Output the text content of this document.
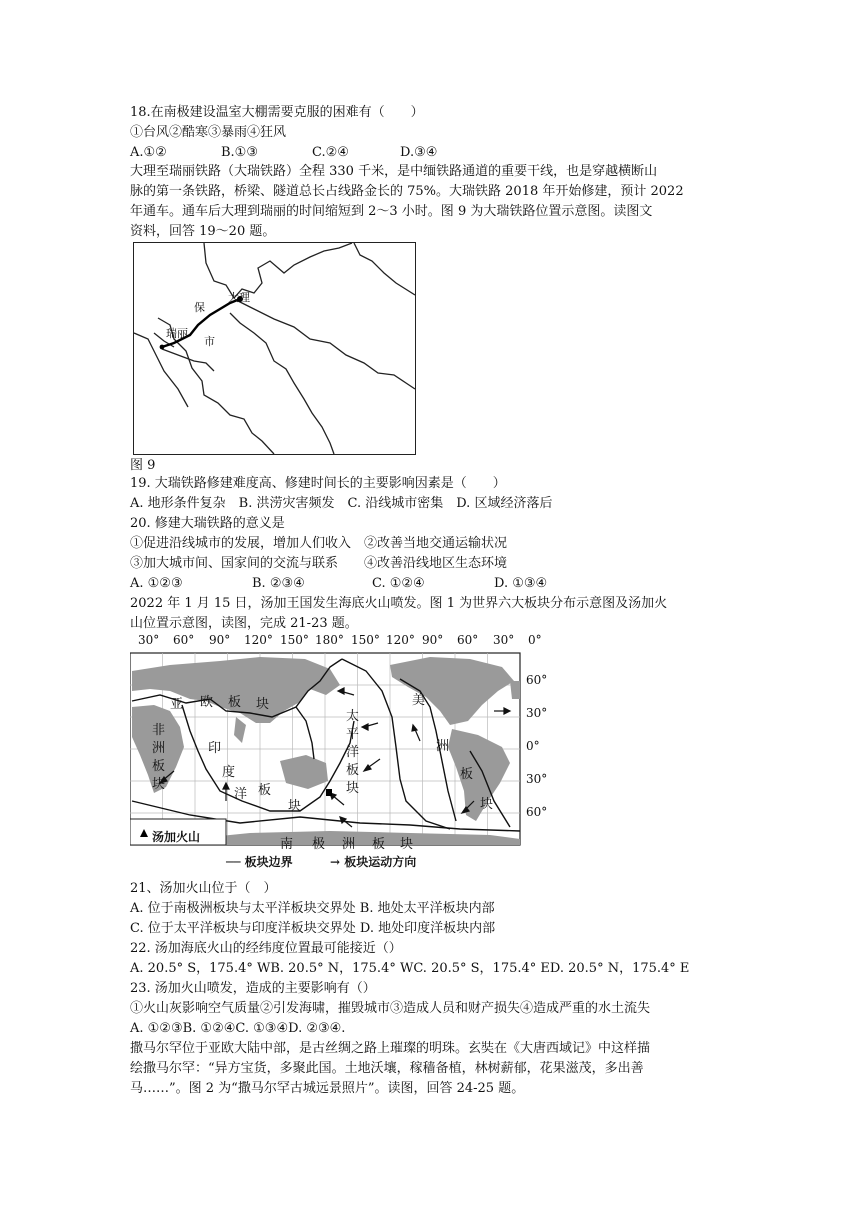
18.在南极建设温室大棚需要克服的困难有（　　）
①台风②酷寒③暴雨④狂风
A.①②	B.①③	C.②④	D.③④
大理至瑞丽铁路（大瑞铁路）全程 330 千米，是中缅铁路通道的重要干线，也是穿越横断山
脉的第一条铁路，桥梁、隧道总长占线路金长的 75%。大瑞铁路 2018 年开始修建，预计 2022
年通车。通车后大理到瑞丽的时间缩短到 2～3 小时。图 9 为大瑞铁路位置示意图。读图文
资料，回答 19～20 题。
大理
瑞丽
保
市
图 9
19. 大瑞铁路修建难度高、修建时间长的主要影响因素是（　　）
A. 地形条件复杂　B. 洪涝灾害频发　C. 沿线城市密集　D. 区域经济落后
20. 修建大瑞铁路的意义是
①促进沿线城市的发展，增加人们收入　②改善当地交通运输状况
③加大城市间、国家间的交流与联系　　④改善沿线地区生态环境
A. ①②③	B. ②③④	C. ①②④	D. ①③④
2022 年 1 月 15 日，汤加王国发生海底火山喷发。图 1 为世界六大板块分布示意图及汤加火
山位置示意图，读图，完成 21-23 题。
30° 60° 90° 120° 150° 180° 150° 120° 90° 60° 30° 0°
60°
30°
0°
30°
60°
亚 欧 板 块
非
洲
板
块
印
度
洋 板
块
太
平
洋
板
块
美
洲
板
块
南 极 洲 板 块
汤加火山
── 板块边界	→ 板块运动方向
21、汤加火山位于（　）
A. 位于南极洲板块与太平洋板块交界处 B. 地处太平洋板块内部
C. 位于太平洋板块与印度洋板块交界处 D. 地处印度洋板块内部
22. 汤加海底火山的经纬度位置最可能接近（）
A. 20.5° S，175.4° WB. 20.5° N，175.4° WC. 20.5° S，175.4° ED. 20.5° N，175.4° E
23. 汤加火山喷发，造成的主要影响有（）
①火山灰影响空气质量②引发海啸，摧毁城市③造成人员和财产损失④造成严重的水土流失
A. ①②③B. ①②④C. ①③④D. ②③④.
撒马尔罕位于亚欧大陆中部，是古丝绸之路上璀璨的明珠。玄奘在《大唐西域记》中这样描
绘撒马尔罕：“异方宝货，多聚此国。土地沃壤，稼穑备植，林树薪郁，花果滋茂，多出善
马……”。图 2 为“撒马尔罕古城远景照片”。读图，回答 24-25 题。
